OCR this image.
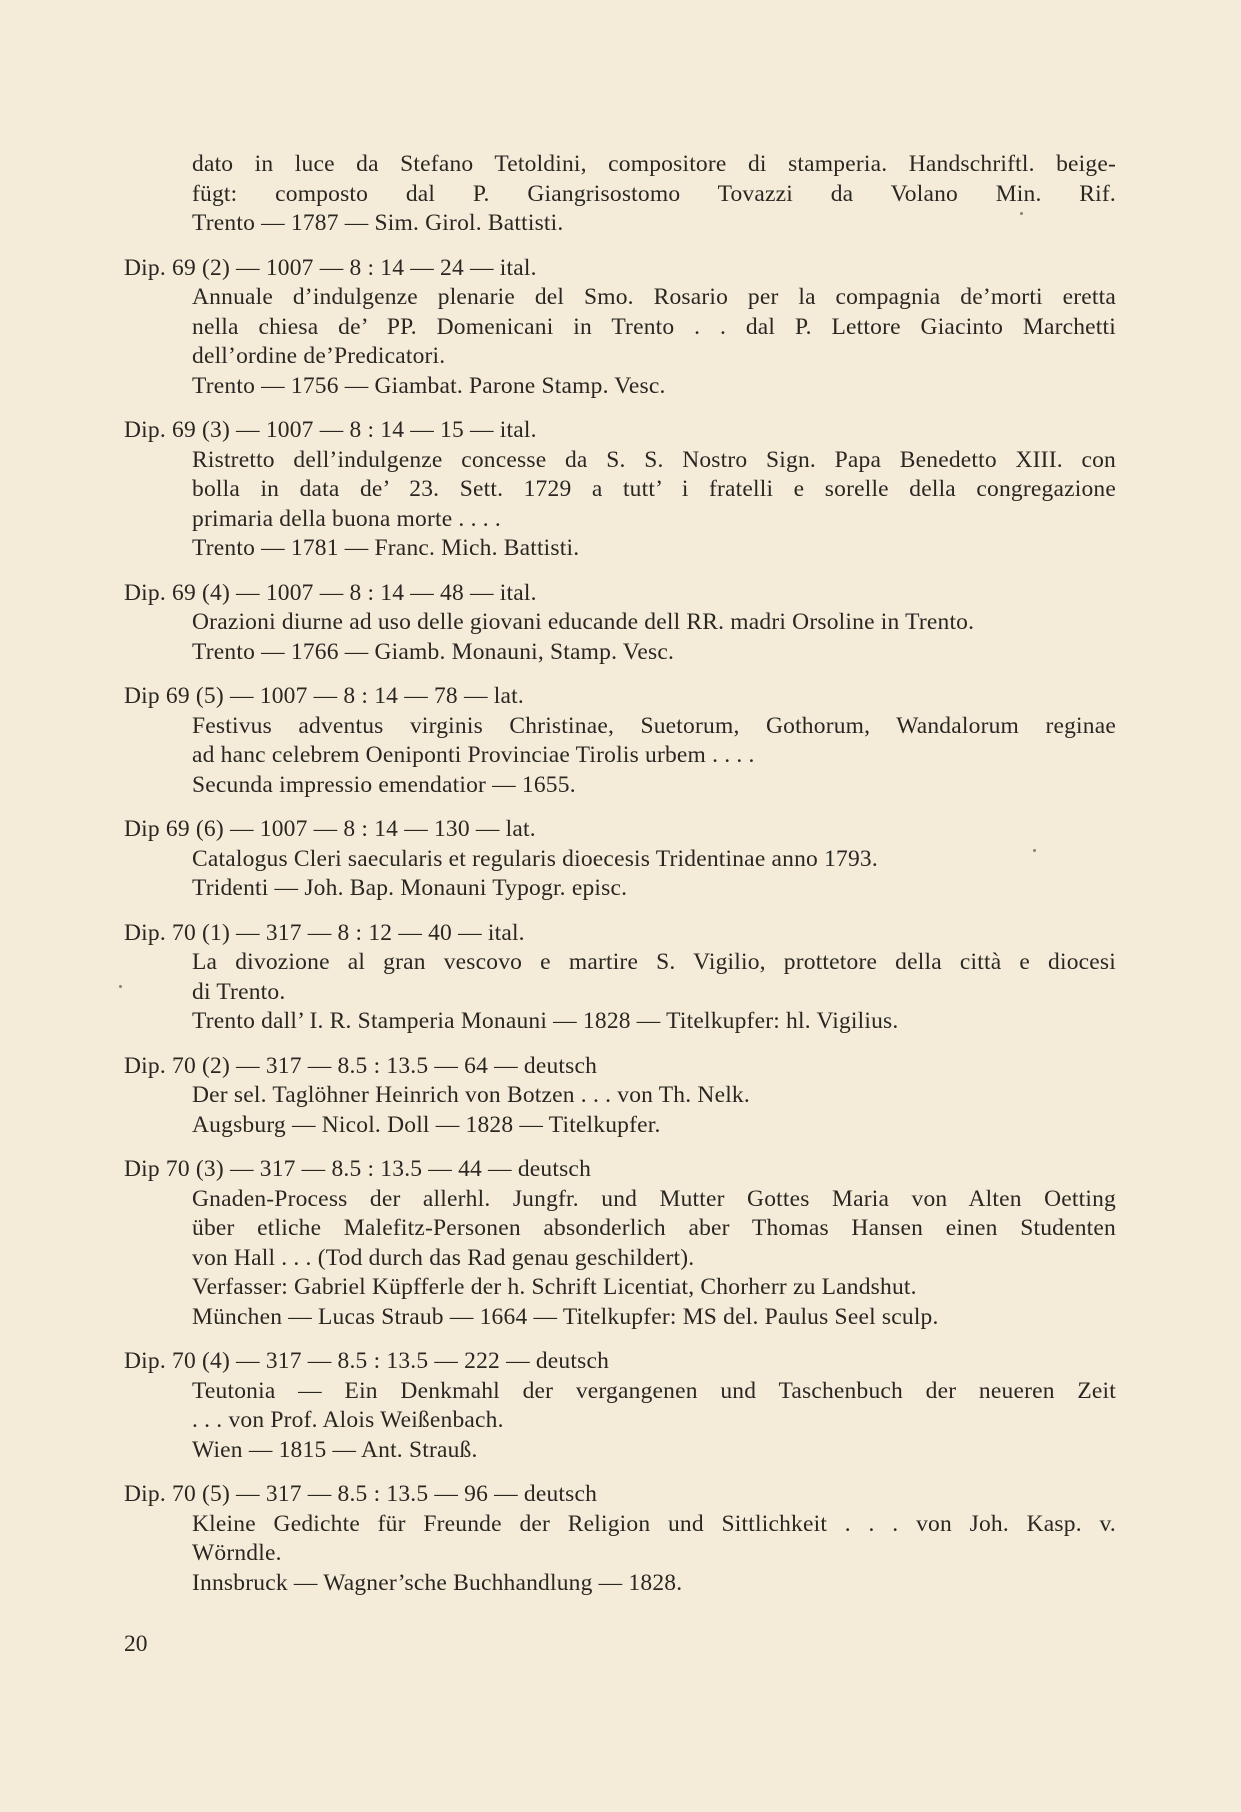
dato in luce da Stefano Tetoldini, compositore di stamperia. Handschriftl. beige-
fügt: composto dal P. Giangrisostomo Tovazzi da Volano Min. Rif.
Trento — 1787 — Sim. Girol. Battisti.
Dip. 69 (2) — 1007 — 8 : 14 — 24 — ital.
Annuale d’indulgenze plenarie del Smo. Rosario per la compagnia de’morti eretta
nella chiesa de’ PP. Domenicani in Trento . . dal P. Lettore Giacinto Marchetti
dell’ordine de’Predicatori.
Trento — 1756 — Giambat. Parone Stamp. Vesc.
Dip. 69 (3) — 1007 — 8 : 14 — 15 — ital.
Ristretto dell’indulgenze concesse da S. S. Nostro Sign. Papa Benedetto XIII. con
bolla in data de’ 23. Sett. 1729 a tutt’ i fratelli e sorelle della congregazione
primaria della buona morte . . . .
Trento — 1781 — Franc. Mich. Battisti.
Dip. 69 (4) — 1007 — 8 : 14 — 48 — ital.
Orazioni diurne ad uso delle giovani educande dell RR. madri Orsoline in Trento.
Trento — 1766 — Giamb. Monauni, Stamp. Vesc.
Dip 69 (5) — 1007 — 8 : 14 — 78 — lat.
Festivus adventus virginis Christinae, Suetorum, Gothorum, Wandalorum reginae
ad hanc celebrem Oeniponti Provinciae Tirolis urbem . . . .
Secunda impressio emendatior — 1655.
Dip 69 (6) — 1007 — 8 : 14 — 130 — lat.
Catalogus Cleri saecularis et regularis dioecesis Tridentinae anno 1793.
Tridenti — Joh. Bap. Monauni Typogr. episc.
Dip. 70 (1) — 317 — 8 : 12 — 40 — ital.
La divozione al gran vescovo e martire S. Vigilio, prottetore della città e diocesi
di Trento.
Trento dall’ I. R. Stamperia Monauni — 1828 — Titelkupfer: hl. Vigilius.
Dip. 70 (2) — 317 — 8.5 : 13.5 — 64 — deutsch
Der sel. Taglöhner Heinrich von Botzen . . . von Th. Nelk.
Augsburg — Nicol. Doll — 1828 — Titelkupfer.
Dip 70 (3) — 317 — 8.5 : 13.5 — 44 — deutsch
Gnaden-Process der allerhl. Jungfr. und Mutter Gottes Maria von Alten Oetting
über etliche Malefitz-Personen absonderlich aber Thomas Hansen einen Studenten
von Hall . . . (Tod durch das Rad genau geschildert).
Verfasser: Gabriel Küpfferle der h. Schrift Licentiat, Chorherr zu Landshut.
München — Lucas Straub — 1664 — Titelkupfer: MS del. Paulus Seel sculp.
Dip. 70 (4) — 317 — 8.5 : 13.5 — 222 — deutsch
Teutonia — Ein Denkmahl der vergangenen und Taschenbuch der neueren Zeit
. . . von Prof. Alois Weißenbach.
Wien — 1815 — Ant. Strauß.
Dip. 70 (5) — 317 — 8.5 : 13.5 — 96 — deutsch
Kleine Gedichte für Freunde der Religion und Sittlichkeit . . . von Joh. Kasp. v.
Wörndle.
Innsbruck — Wagner’sche Buchhandlung — 1828.
20
